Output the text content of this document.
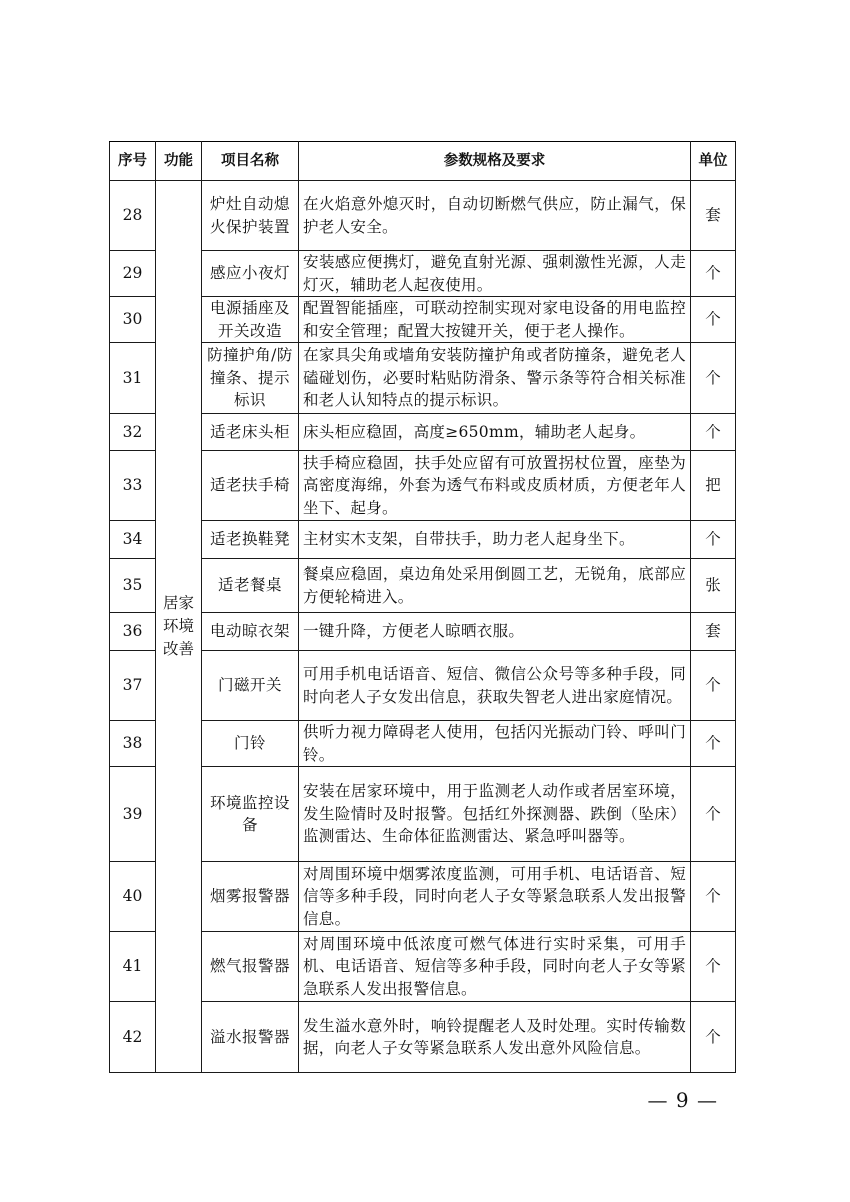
序号	功能	项目名称	参数规格及要求	单位
28	居家环境改善	炉灶自动熄火保护装置	在火焰意外熄灭时，自动切断燃气供应，防止漏气，保护老人安全。	套
29		感应小夜灯	安装感应便携灯，避免直射光源、强刺激性光源，人走灯灭，辅助老人起夜使用。	个
30		电源插座及开关改造	配置智能插座，可联动控制实现对家电设备的用电监控和安全管理；配置大按键开关，便于老人操作。	个
31		防撞护角/防撞条、提示标识	在家具尖角或墙角安装防撞护角或者防撞条，避免老人磕碰划伤，必要时粘贴防滑条、警示条等符合相关标准和老人认知特点的提示标识。	个
32		适老床头柜	床头柜应稳固，高度≥650mm，辅助老人起身。	个
33		适老扶手椅	扶手椅应稳固，扶手处应留有可放置拐杖位置，座垫为高密度海绵，外套为透气布料或皮质材质，方便老年人坐下、起身。	把
34		适老换鞋凳	主材实木支架，自带扶手，助力老人起身坐下。	个
35		适老餐桌	餐桌应稳固，桌边角处采用倒圆工艺，无锐角，底部应方便轮椅进入。	张
36		电动晾衣架	一键升降，方便老人晾晒衣服。	套
37		门磁开关	可用手机电话语音、短信、微信公众号等多种手段，同时向老人子女发出信息，获取失智老人进出家庭情况。	个
38		门铃	供听力视力障碍老人使用，包括闪光振动门铃、呼叫门铃。	个
39		环境监控设备	安装在居家环境中，用于监测老人动作或者居室环境，发生险情时及时报警。包括红外探测器、跌倒（坠床）监测雷达、生命体征监测雷达、紧急呼叫器等。	个
40		烟雾报警器	对周围环境中烟雾浓度监测，可用手机、电话语音、短信等多种手段，同时向老人子女等紧急联系人发出报警信息。	个
41		燃气报警器	对周围环境中低浓度可燃气体进行实时采集，可用手机、电话语音、短信等多种手段，同时向老人子女等紧急联系人发出报警信息。	个
42		溢水报警器	发生溢水意外时，响铃提醒老人及时处理。实时传输数据，向老人子女等紧急联系人发出意外风险信息。	个
— 9 —
